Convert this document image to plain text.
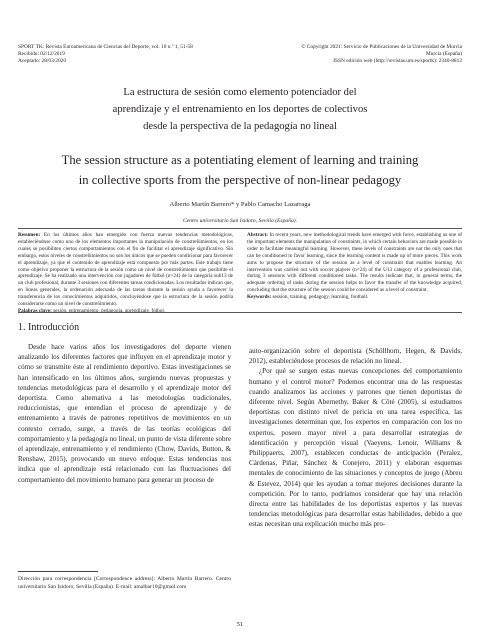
SPORT TK: Revista Euroamericana de Ciencias del Deporte, vol. 10 n.º 1, 51-58
Recibido: 02/12/2019
Aceptado: 28/03/2020
© Copyright 2021: Servicio de Publicaciones de la Universidad de Murcia
Murcia (España)
ISSN edición web (http://revistas.um.es/sportk): 2340-8812
La estructura de sesión como elemento potenciador del
aprendizaje y el entrenamiento en los deportes de colectivos
desde la perspectiva de la pedagogía no lineal
The session structure as a potentiating element of learning and training
in collective sports from the perspective of non-linear pedagogy
Alberto Martín Barrero* y Pablo Camacho Lazarraga
Centro universitario San Isidoro, Sevilla (España).
Resumen: En los últimos años han emergido con fuerza nuevas tendencias metodológicas, estableciéndose como uno de los elementos importantes la manipulación de constreñimientos, en los cuales se posibiliten ciertos comportamientos con el fin de facilitar el aprendizaje significativo. Sin embargo, estos niveles de constreñimientos no son los únicos que se pueden condicionar para favorecer el aprendizaje, ya que el contenido de aprendizaje está compuesto por más partes. Este trabajo tiene como objetivo proponer la estructura de la sesión como un nivel de constreñimiento que posibilite el aprendizaje. Se ha realizado una intervención con jugadores de fútbol (n=24) de la categoría sub13 de un club profesional, durante 3 sesiones con diferentes tareas condicionadas. Los resultados indican que, en líneas generales, la ordenación adecuada de las tareas durante la sesión ayuda a favorecer la transferencia de los conocimientos adquiridos, concluyéndose que la estructura de la sesión podría considerarse como un nivel de constreñimiento.
Palabras clave: sesión, entrenamiento, pedagogía, aprendizaje, fútbol.
Abstract: In recent years, new methodological trends have emerged with force, establishing as one of the important elements the manipulation of constraints, in which certain behaviors are made possible in order to facilitate meaningful learning. However, these levels of constraints are not the only ones that can be conditioned to favor learning, since the learning content is made up of more pieces. This work aims to propose the structure of the session as a level of constraint that enables learning. An intervention was carried out with soccer players (n=24) of the U13 category of a professional club, during 3 sessions with different conditioned tasks. The results indicate that, in general terms, the adequate ordering of tasks during the session helps to favor the transfer of the knowledge acquired, concluding that the structure of the session could be considered as a level of constraint.
Keywords: session, training, pedagogy, learning, football.
1. Introducción

Desde hace varios años los investigadores del deporte vienen analizando los diferentes factores que influyen en el aprendizaje motor y cómo se transmite éste al rendimiento deportivo. Estas investigaciones se han intensificado en los últimos años, surgiendo nuevas propuestas y tendencias metodológicas para el desarrollo y el aprendizaje motor del deportista. Como alternativa a las metodologías tradicionales, reduccionistas, que entendían el proceso de aprendizaje y de entrenamiento a través de patrones repetitivos de movimientos en un contexto cerrado, surge, a través de las teorías ecológicas del comportamiento y la pedagogía no lineal, un punto de vista diferente sobre el aprendizaje, entrenamiento y el rendimiento (Chow, Davids, Button, & Renshaw, 2015), provocando un nuevo enfoque. Estas tendencias nos indica que el aprendizaje está relacionado con las fluctuaciones del comportamiento del movimiento humano para generar un proceso de

auto-organización sobre el deportista (Schöllhorn, Hegen, & Davids, 2012), estableciéndose procesos de relación no lineal.

¿Por qué se surgen estas nuevas concepciones del comportamiento humano y el control motor? Podemos encontrar una de las respuestas cuando analizamos las acciones y patrones que tienen deportistas de diferente nivel. Según Abernethy, Baker & Côté (2005), si estudiamos deportistas con distinto nivel de pericia en una tarea específica, las investigaciones determinan que, los expertos en comparación con los no expertos, poseen mayor nivel a para desarrollar estrategias de identificación y percepción visual (Vaeyens, Lenoir, Williams & Philippaerts, 2007), establecen conductas de anticipación (Peralez, Cárdenas, Piñar, Sánchez & Conejero, 2011) y elaboran esquemas mentales de conocimiento de las situaciones y conceptos de juego (Abreu & Estevez, 2014) que les ayudan a tomar mejores decisiones durante la competición. Por lo tanto, podríamos considerar que hay una relación directa entre las habilidades de los deportistas expertos y las nuevas tendencias metodológicas para desarrollar estas habilidades, debido a que estas necesitan una explicación mucho más pro-

Dirección para correspondencia [Correspondence address]: Alberto Martín Barrero. Centro universitario San Isidoro, Sevilla (España). E-mail: amalbar10@gmail.com
51
